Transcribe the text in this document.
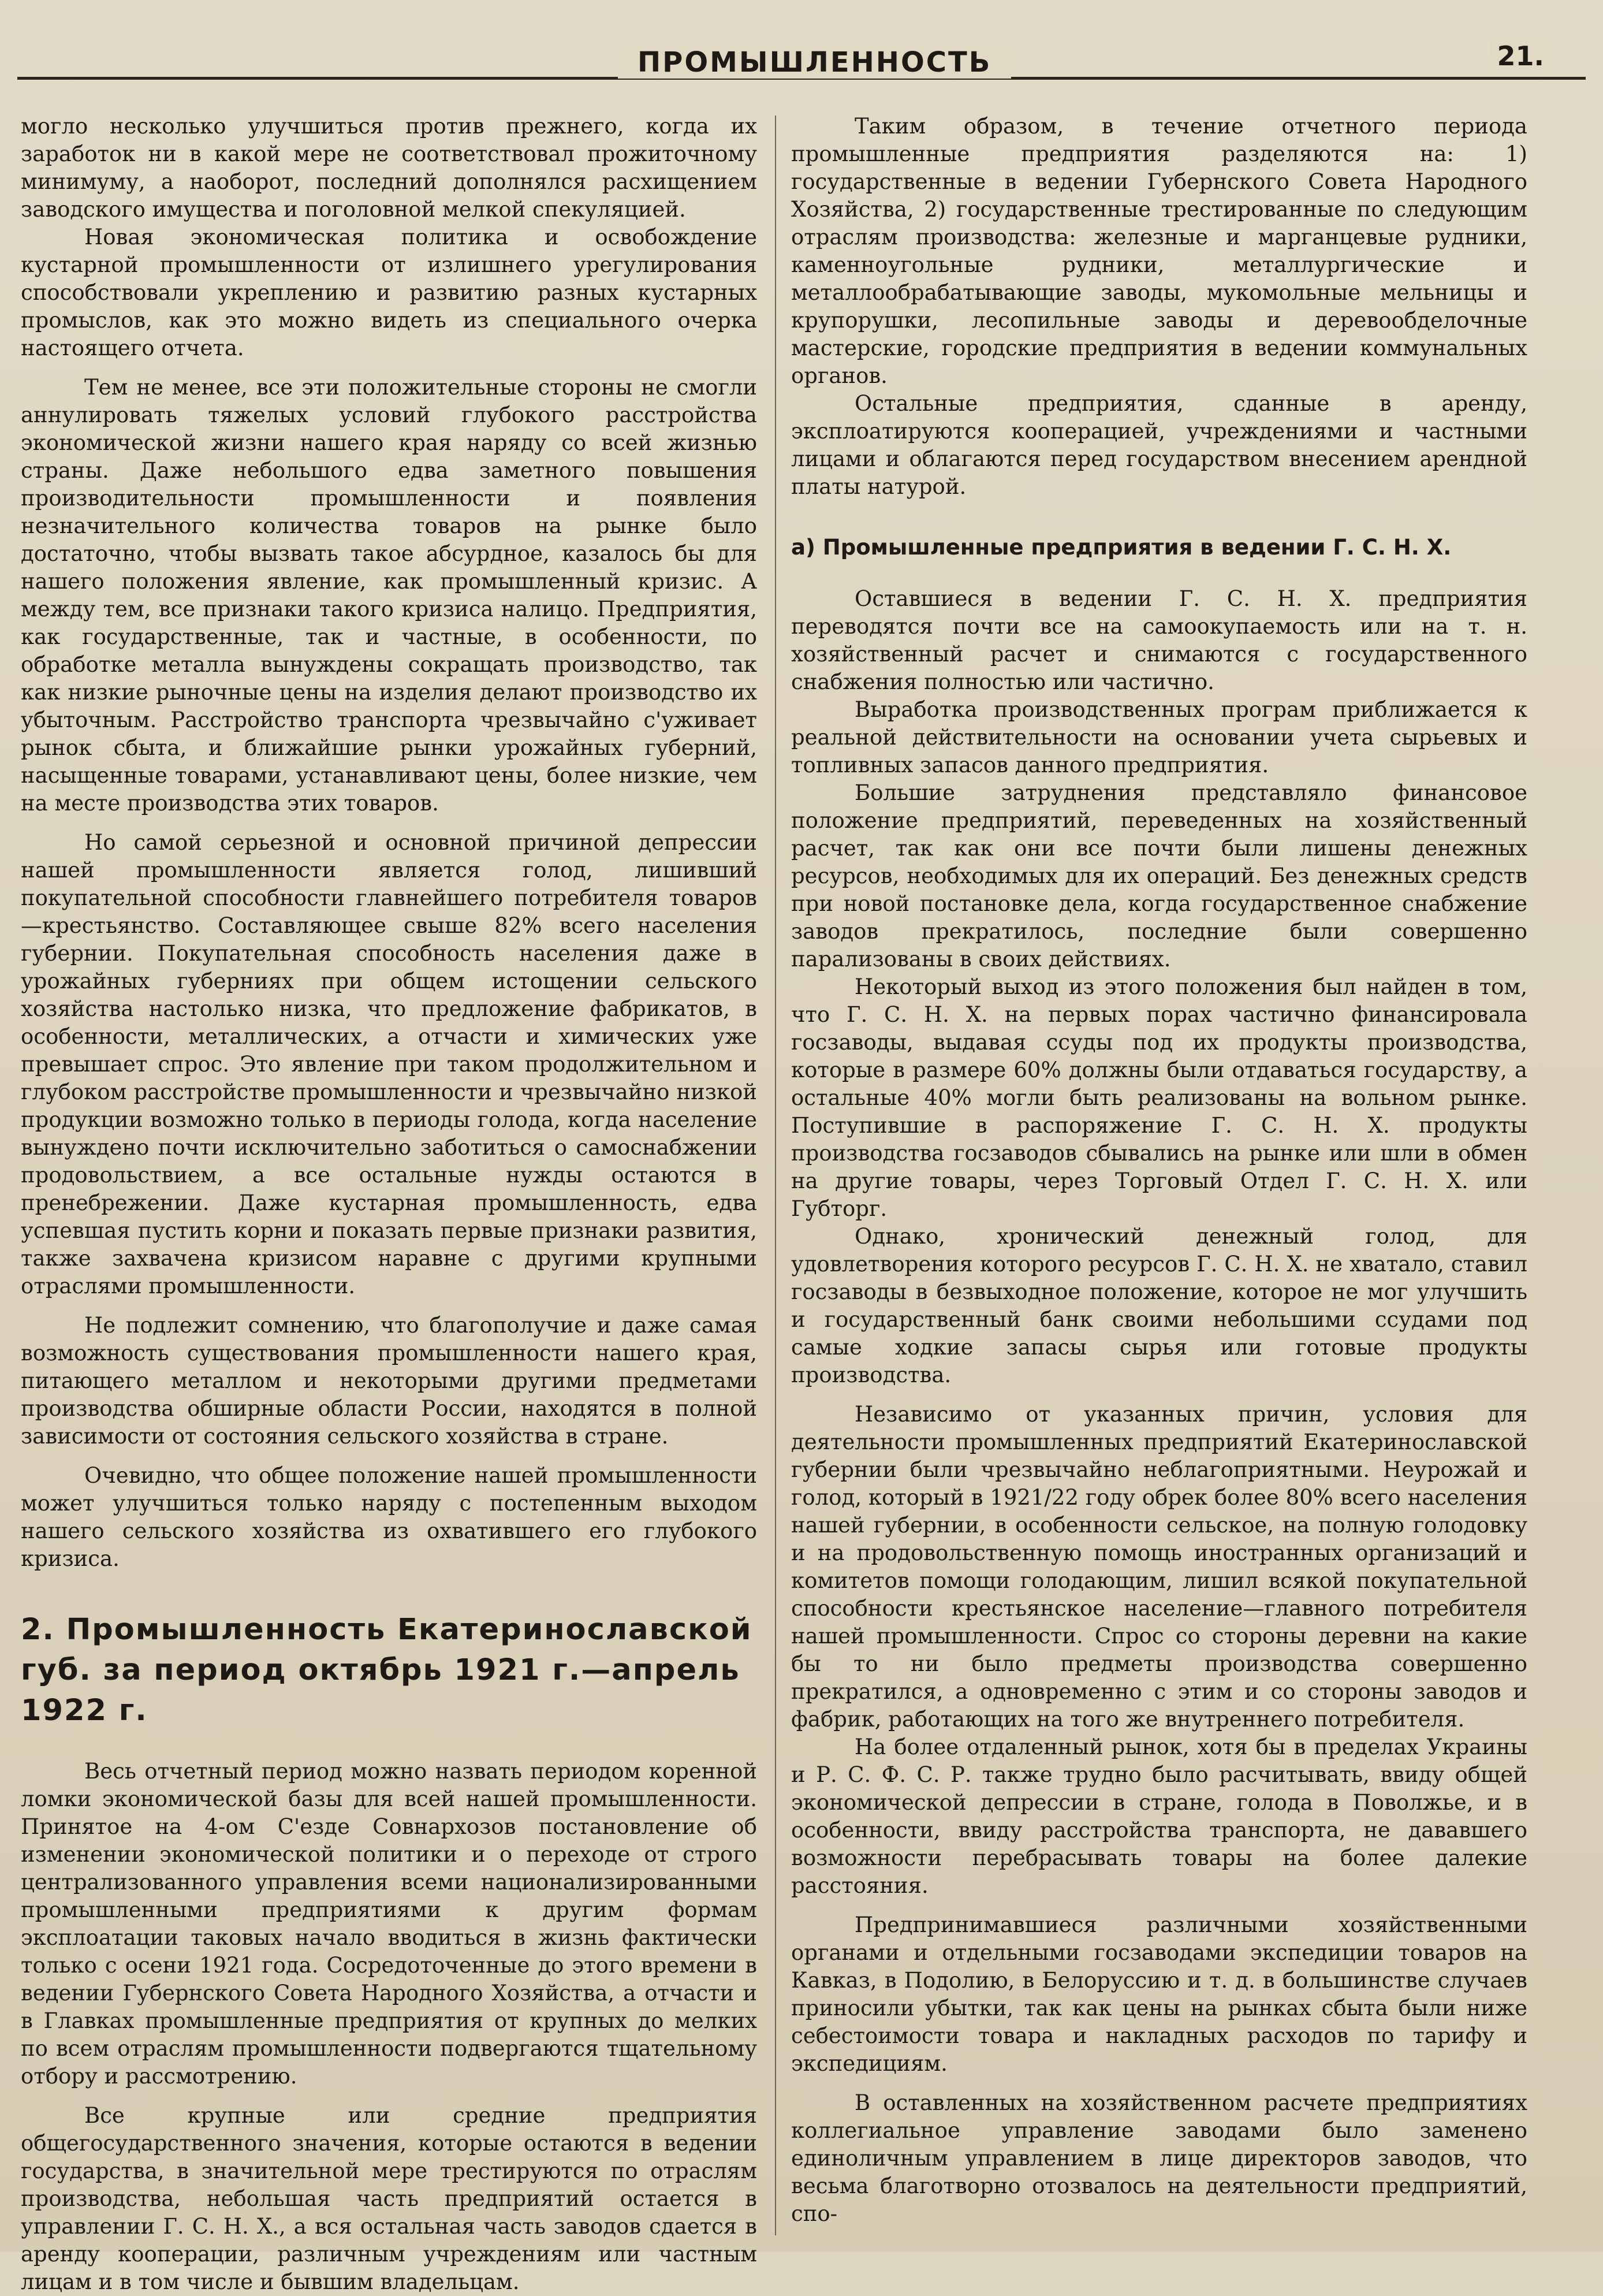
ПРОМЫШЛЕННОСТЬ	21.

могло несколько улучшиться против прежнего, когда их заработок ни в какой мере не соответствовал прожиточному минимуму, а наоборот, последний дополнялся расхищением заводского имущества и поголовной мелкой спекуляцией.

Новая экономическая политика и освобождение кустарной промышленности от излишнего урегулирования способствовали укреплению и развитию разных кустарных промыслов, как это можно видеть из специального очерка настоящего отчета.

Тем не менее, все эти положительные стороны не смогли аннулировать тяжелых условий глубокого расстройства экономической жизни нашего края наряду со всей жизнью страны. Даже небольшого едва заметного повышения производительности промышленности и появления незначительного количества товаров на рынке было достаточно, чтобы вызвать такое абсурдное, казалось бы для нашего положения явление, как промышленный кризис. А между тем, все признаки такого кризиса налицо. Предприятия, как государственные, так и частные, в особенности, по обработке металла вынуждены сокращать производство, так как низкие рыночные цены на изделия делают производство их убыточным. Расстройство транспорта чрезвычайно с'уживает рынок сбыта, и ближайшие рынки урожайных губерний, насыщенные товарами, устанавливают цены, более низкие, чем на месте производства этих товаров.

Но самой серьезной и основной причиной депрессии нашей промышленности является голод, лишивший покупательной способности главнейшего потребителя товаров—крестьянство. Составляющее свыше 82% всего населения губернии. Покупательная способность населения даже в урожайных губерниях при общем истощении сельского хозяйства настолько низка, что предложение фабрикатов, в особенности, металлических, а отчасти и химических уже превышает спрос. Это явление при таком продолжительном и глубоком расстройстве промышленности и чрезвычайно низкой продукции возможно только в периоды голода, когда население вынуждено почти исключительно заботиться о самоснабжении продовольствием, а все остальные нужды остаются в пренебрежении. Даже кустарная промышленность, едва успевшая пустить корни и показать первые признаки развития, также захвачена кризисом наравне с другими крупными отраслями промышленности.

Не подлежит сомнению, что благополучие и даже самая возможность существования промышленности нашего края, питающего металлом и некоторыми другими предметами производства обширные области России, находятся в полной зависимости от состояния сельского хозяйства в стране.

Очевидно, что общее положение нашей промышленности может улучшиться только наряду с постепенным выходом нашего сельского хозяйства из охватившего его глубокого кризиса.

2. Промышленность Екатеринославской губ. за период октябрь 1921 г.—апрель 1922 г.

Весь отчетный период можно назвать периодом коренной ломки экономической базы для всей нашей промышленности. Принятое на 4-ом С'езде Совнархозов постановление об изменении экономической политики и о переходе от строго централизованного управления всеми национализированными промышленными предприятиями к другим формам эксплоатации таковых начало вводиться в жизнь фактически только с осени 1921 года. Сосредоточенные до этого времени в ведении Губернского Совета Народного Хозяйства, а отчасти и в Главках промышленные предприятия от крупных до мелких по всем отраслям промышленности подвергаются тщательному отбору и рассмотрению.

Все крупные или средние предприятия общегосударственного значения, которые остаются в ведении государства, в значительной мере трестируются по отраслям производства, небольшая часть предприятий остается в управлении Г. С. Н. Х., а вся остальная часть заводов сдается в аренду кооперации, различным учреждениям или частным лицам и в том числе и бывшим владельцам.

Таким образом, в течение отчетного периода промышленные предприятия разделяются на: 1) государственные в ведении Губернского Совета Народного Хозяйства, 2) государственные трестированные по следующим отраслям производства: железные и марганцевые рудники, каменноугольные рудники, металлургические и металлообрабатывающие заводы, мукомольные мельницы и крупорушки, лесопильные заводы и деревообделочные мастерские, городские предприятия в ведении коммунальных органов.

Остальные предприятия, сданные в аренду, эксплоатируются кооперацией, учреждениями и частными лицами и облагаются перед государством внесением арендной платы натурой.

а) Промышленные предприятия в ведении Г. С. Н. Х.

Оставшиеся в ведении Г. С. Н. Х. предприятия переводятся почти все на самоокупаемость или на т. н. хозяйственный расчет и снимаются с государственного снабжения полностью или частично.

Выработка производственных програм приближается к реальной действительности на основании учета сырьевых и топливных запасов данного предприятия.

Большие затруднения представляло финансовое положение предприятий, переведенных на хозяйственный расчет, так как они все почти были лишены денежных ресурсов, необходимых для их операций. Без денежных средств при новой постановке дела, когда государственное снабжение заводов прекратилось, последние были совершенно парализованы в своих действиях.

Некоторый выход из этого положения был найден в том, что Г. С. Н. Х. на первых порах частично финансировала госзаводы, выдавая ссуды под их продукты производства, которые в размере 60% должны были отдаваться государству, а остальные 40% могли быть реализованы на вольном рынке. Поступившие в распоряжение Г. С. Н. Х. продукты производства госзаводов сбывались на рынке или шли в обмен на другие товары, через Торговый Отдел Г. С. Н. Х. или Губторг.

Однако, хронический денежный голод, для удовлетворения которого ресурсов Г. С. Н. Х. не хватало, ставил госзаводы в безвыходное положение, которое не мог улучшить и государственный банк своими небольшими ссудами под самые ходкие запасы сырья или готовые продукты производства.

Независимо от указанных причин, условия для деятельности промышленных предприятий Екатеринославской губернии были чрезвычайно неблагоприятными. Неурожай и голод, который в 1921/22 году обрек более 80% всего населения нашей губернии, в особенности сельское, на полную голодовку и на продовольственную помощь иностранных организаций и комитетов помощи голодающим, лишил всякой покупательной способности крестьянское население—главного потребителя нашей промышленности. Спрос со стороны деревни на какие бы то ни было предметы производства совершенно прекратился, а одновременно с этим и со стороны заводов и фабрик, работающих на того же внутреннего потребителя.

На более отдаленный рынок, хотя бы в пределах Украины и Р. С. Ф. С. Р. также трудно было расчитывать, ввиду общей экономической депрессии в стране, голода в Поволжье, и в особенности, ввиду расстройства транспорта, не дававшего возможности перебрасывать товары на более далекие расстояния.

Предпринимавшиеся различными хозяйственными органами и отдельными госзаводами экспедиции товаров на Кавказ, в Подолию, в Белоруссию и т. д. в большинстве случаев приносили убытки, так как цены на рынках сбыта были ниже себестоимости товара и накладных расходов по тарифу и экспедициям.

В оставленных на хозяйственном расчете предприятиях коллегиальное управление заводами было заменено единоличным управлением в лице директоров заводов, что весьма благотворно отозвалось на деятельности предприятий, спо-
